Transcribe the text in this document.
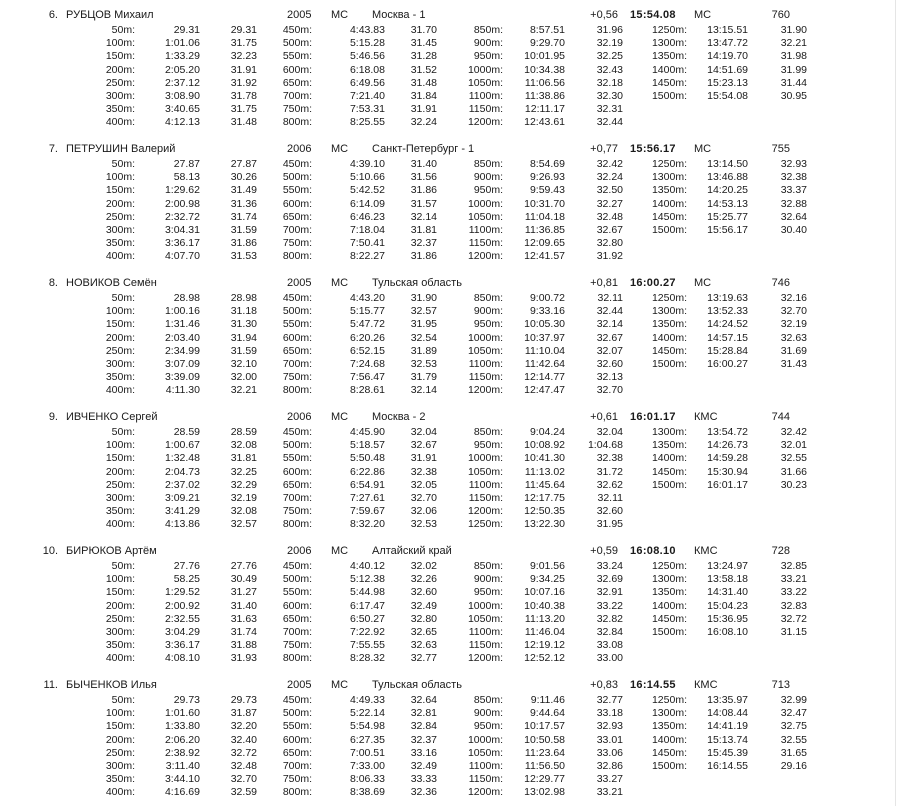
6. РУБЦОВ Михаил	2005 МС Москва - 1	+0,56 15:54.08 МС	760
50m:	29.31	29.31	450m:	4:43.83	31.70	850m:	8:57.51	31.96	1250m:	13:15.51	31.90
100m:	1:01.06	31.75	500m:	5:15.28	31.45	900m:	9:29.70	32.19	1300m:	13:47.72	32.21
150m:	1:33.29	32.23	550m:	5:46.56	31.28	950m:	10:01.95	32.25	1350m:	14:19.70	31.98
200m:	2:05.20	31.91	600m:	6:18.08	31.52	1000m:	10:34.38	32.43	1400m:	14:51.69	31.99
250m:	2:37.12	31.92	650m:	6:49.56	31.48	1050m:	11:06.56	32.18	1450m:	15:23.13	31.44
300m:	3:08.90	31.78	700m:	7:21.40	31.84	1100m:	11:38.86	32.30	1500m:	15:54.08	30.95
350m:	3:40.65	31.75	750m:	7:53.31	31.91	1150m:	12:11.17	32.31
400m:	4:12.13	31.48	800m:	8:25.55	32.24	1200m:	12:43.61	32.44
7. ПЕТРУШИН Валерий	2006 МС Санкт-Петербург - 1	+0,77 15:56.17 МС	755
50m:	27.87	27.87	450m:	4:39.10	31.40	850m:	8:54.69	32.42	1250m:	13:14.50	32.93
100m:	58.13	30.26	500m:	5:10.66	31.56	900m:	9:26.93	32.24	1300m:	13:46.88	32.38
150m:	1:29.62	31.49	550m:	5:42.52	31.86	950m:	9:59.43	32.50	1350m:	14:20.25	33.37
200m:	2:00.98	31.36	600m:	6:14.09	31.57	1000m:	10:31.70	32.27	1400m:	14:53.13	32.88
250m:	2:32.72	31.74	650m:	6:46.23	32.14	1050m:	11:04.18	32.48	1450m:	15:25.77	32.64
300m:	3:04.31	31.59	700m:	7:18.04	31.81	1100m:	11:36.85	32.67	1500m:	15:56.17	30.40
350m:	3:36.17	31.86	750m:	7:50.41	32.37	1150m:	12:09.65	32.80
400m:	4:07.70	31.53	800m:	8:22.27	31.86	1200m:	12:41.57	31.92
8. НОВИКОВ Семён	2005 МС Тульская область	+0,81 16:00.27 МС	746
50m:	28.98	28.98	450m:	4:43.20	31.90	850m:	9:00.72	32.11	1250m:	13:19.63	32.16
100m:	1:00.16	31.18	500m:	5:15.77	32.57	900m:	9:33.16	32.44	1300m:	13:52.33	32.70
150m:	1:31.46	31.30	550m:	5:47.72	31.95	950m:	10:05.30	32.14	1350m:	14:24.52	32.19
200m:	2:03.40	31.94	600m:	6:20.26	32.54	1000m:	10:37.97	32.67	1400m:	14:57.15	32.63
250m:	2:34.99	31.59	650m:	6:52.15	31.89	1050m:	11:10.04	32.07	1450m:	15:28.84	31.69
300m:	3:07.09	32.10	700m:	7:24.68	32.53	1100m:	11:42.64	32.60	1500m:	16:00.27	31.43
350m:	3:39.09	32.00	750m:	7:56.47	31.79	1150m:	12:14.77	32.13
400m:	4:11.30	32.21	800m:	8:28.61	32.14	1200m:	12:47.47	32.70
9. ИВЧЕНКО Сергей	2006 МС Москва - 2	+0,61 16:01.17 КМС	744
50m:	28.59	28.59	450m:	4:45.90	32.04	850m:	9:04.24	32.04	1300m:	13:54.72	32.42
100m:	1:00.67	32.08	500m:	5:18.57	32.67	950m:	10:08.92	1:04.68	1350m:	14:26.73	32.01
150m:	1:32.48	31.81	550m:	5:50.48	31.91	1000m:	10:41.30	32.38	1400m:	14:59.28	32.55
200m:	2:04.73	32.25	600m:	6:22.86	32.38	1050m:	11:13.02	31.72	1450m:	15:30.94	31.66
250m:	2:37.02	32.29	650m:	6:54.91	32.05	1100m:	11:45.64	32.62	1500m:	16:01.17	30.23
300m:	3:09.21	32.19	700m:	7:27.61	32.70	1150m:	12:17.75	32.11
350m:	3:41.29	32.08	750m:	7:59.67	32.06	1200m:	12:50.35	32.60
400m:	4:13.86	32.57	800m:	8:32.20	32.53	1250m:	13:22.30	31.95
10. БИРЮКОВ Артём	2006 МС Алтайский край	+0,59 16:08.10 КМС	728
50m:	27.76	27.76	450m:	4:40.12	32.02	850m:	9:01.56	33.24	1250m:	13:24.97	32.85
100m:	58.25	30.49	500m:	5:12.38	32.26	900m:	9:34.25	32.69	1300m:	13:58.18	33.21
150m:	1:29.52	31.27	550m:	5:44.98	32.60	950m:	10:07.16	32.91	1350m:	14:31.40	33.22
200m:	2:00.92	31.40	600m:	6:17.47	32.49	1000m:	10:40.38	33.22	1400m:	15:04.23	32.83
250m:	2:32.55	31.63	650m:	6:50.27	32.80	1050m:	11:13.20	32.82	1450m:	15:36.95	32.72
300m:	3:04.29	31.74	700m:	7:22.92	32.65	1100m:	11:46.04	32.84	1500m:	16:08.10	31.15
350m:	3:36.17	31.88	750m:	7:55.55	32.63	1150m:	12:19.12	33.08
400m:	4:08.10	31.93	800m:	8:28.32	32.77	1200m:	12:52.12	33.00
11. БЫЧЕНКОВ Илья	2005 МС Тульская область	+0,83 16:14.55 КМС	713
50m:	29.73	29.73	450m:	4:49.33	32.64	850m:	9:11.46	32.77	1250m:	13:35.97	32.99
100m:	1:01.60	31.87	500m:	5:22.14	32.81	900m:	9:44.64	33.18	1300m:	14:08.44	32.47
150m:	1:33.80	32.20	550m:	5:54.98	32.84	950m:	10:17.57	32.93	1350m:	14:41.19	32.75
200m:	2:06.20	32.40	600m:	6:27.35	32.37	1000m:	10:50.58	33.01	1400m:	15:13.74	32.55
250m:	2:38.92	32.72	650m:	7:00.51	33.16	1050m:	11:23.64	33.06	1450m:	15:45.39	31.65
300m:	3:11.40	32.48	700m:	7:33.00	32.49	1100m:	11:56.50	32.86	1500m:	16:14.55	29.16
350m:	3:44.10	32.70	750m:	8:06.33	33.33	1150m:	12:29.77	33.27
400m:	4:16.69	32.59	800m:	8:38.69	32.36	1200m:	13:02.98	33.21
